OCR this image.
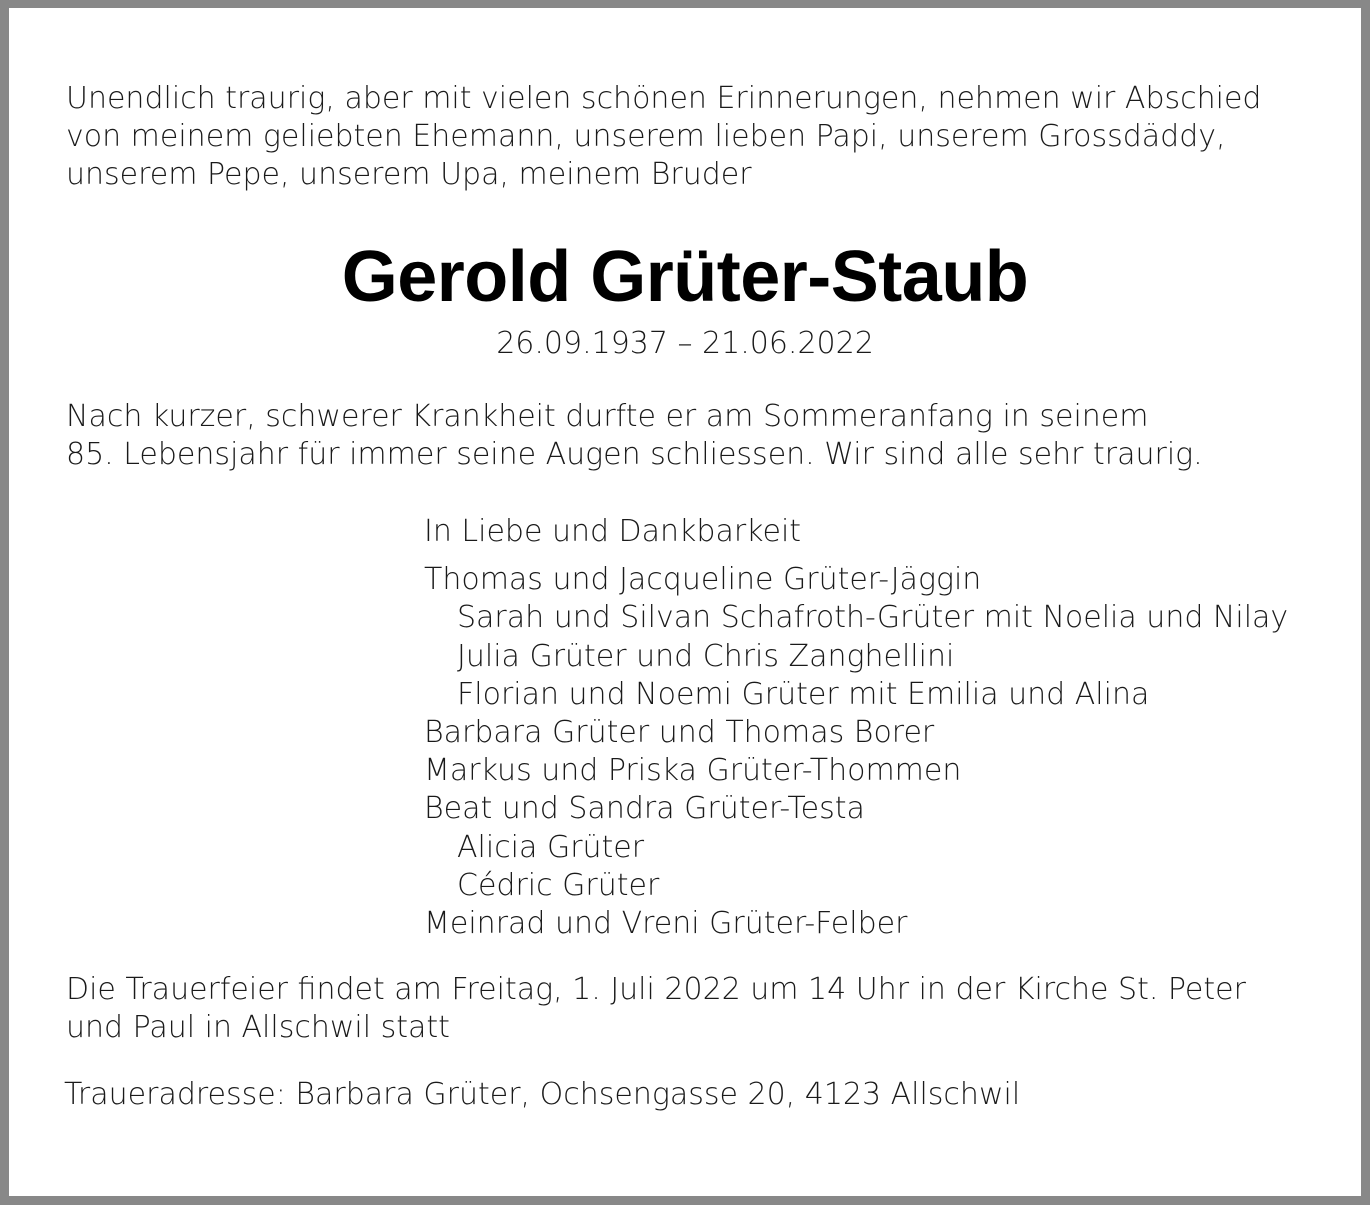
Unendlich traurig, aber mit vielen schönen Erinnerungen, nehmen wir Abschied
von meinem geliebten Ehemann, unserem lieben Papi, unserem Grossdäddy,
unserem Pepe, unserem Upa, meinem Bruder
Gerold Grüter-Staub
26.09.1937 – 21.06.2022
Nach kurzer, schwerer Krankheit durfte er am Sommeranfang in seinem
85. Lebensjahr für immer seine Augen schliessen. Wir sind alle sehr traurig.
In Liebe und Dankbarkeit
Thomas und Jacqueline Grüter-Jäggin
Sarah und Silvan Schafroth-Grüter mit Noelia und Nilay
Julia Grüter und Chris Zanghellini
Florian und Noemi Grüter mit Emilia und Alina
Barbara Grüter und Thomas Borer
Markus und Priska Grüter-Thommen
Beat und Sandra Grüter-Testa
Alicia Grüter
Cédric Grüter
Meinrad und Vreni Grüter-Felber
Die Trauerfeier findet am Freitag, 1. Juli 2022 um 14 Uhr in der Kirche St. Peter
und Paul in Allschwil statt
Traueradresse: Barbara Grüter, Ochsengasse 20, 4123 Allschwil
